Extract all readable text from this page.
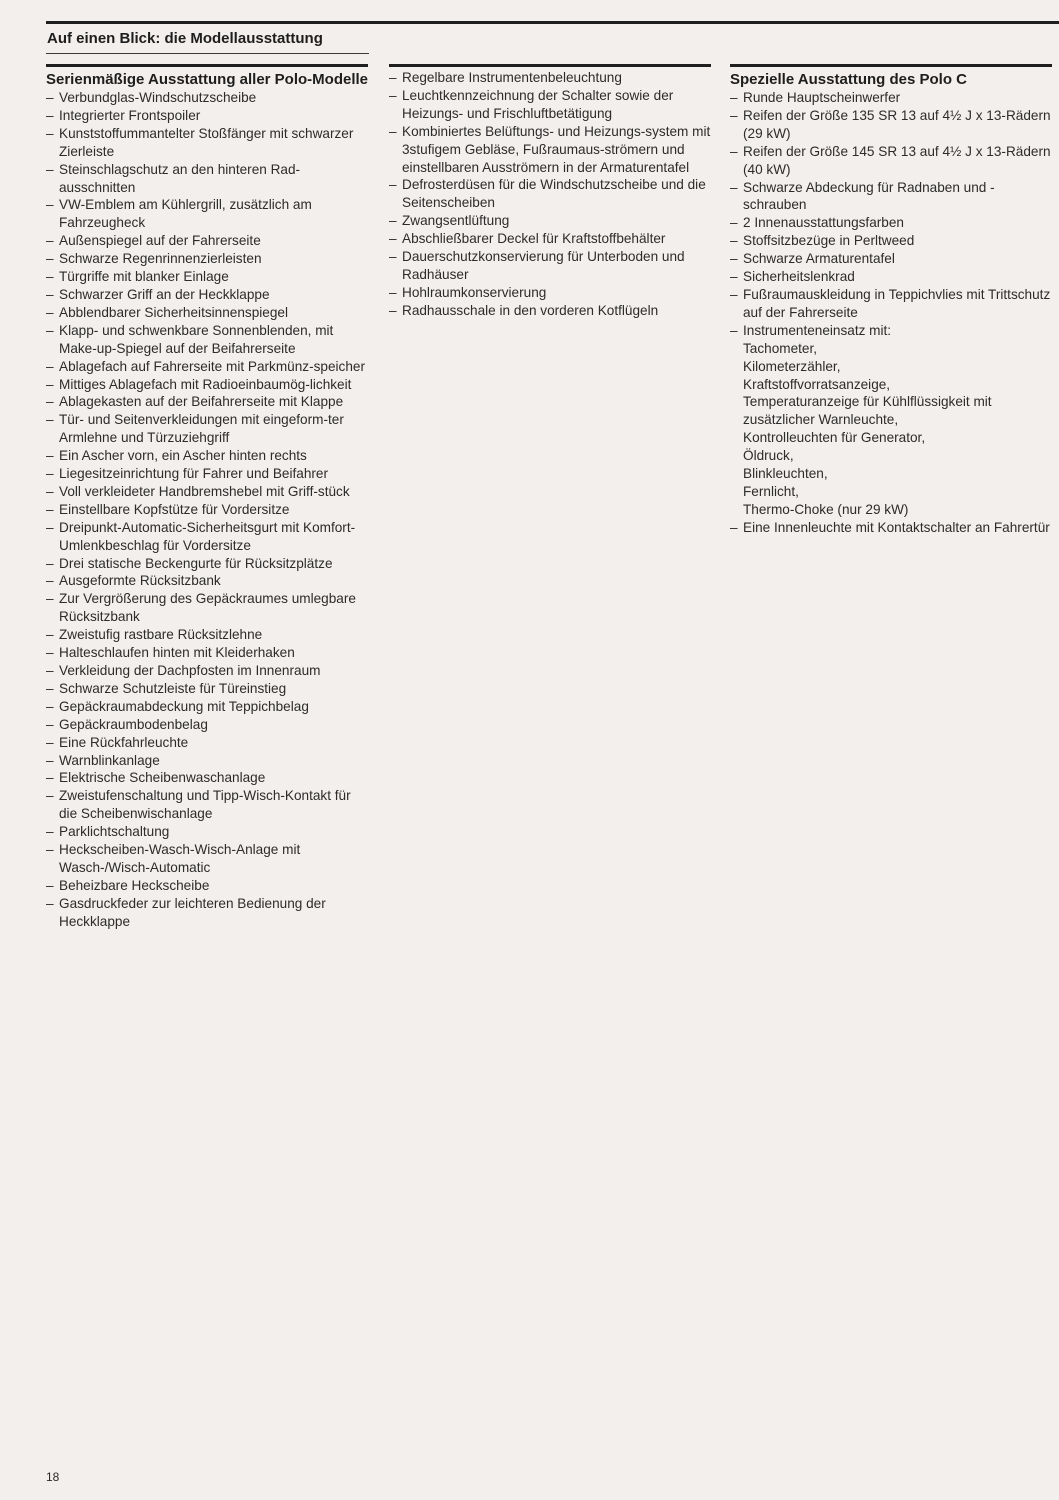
Auf einen Blick: die Modellausstattung
Serienmäßige Ausstattung aller Polo-Modelle
– Verbundglas-Windschutzscheibe
– Integrierter Frontspoiler
– Kunststoffummantelter Stoßfänger mit schwarzer Zierleiste
– Steinschlagschutz an den hinteren Rad-ausschnitten
– VW-Emblem am Kühlergrill, zusätzlich am Fahrzeugheck
– Außenspiegel auf der Fahrerseite
– Schwarze Regenrinnenzierleisten
– Türgriffe mit blanker Einlage
– Schwarzer Griff an der Heckklappe
– Abblendbarer Sicherheitsinnenspiegel
– Klapp- und schwenkbare Sonnenblenden, mit Make-up-Spiegel auf der Beifahrerseite
– Ablagefach auf Fahrerseite mit Parkmünz-speicher
– Mittiges Ablagefach mit Radioeinbaumög-lichkeit
– Ablagekasten auf der Beifahrerseite mit Klappe
– Tür- und Seitenverkleidungen mit eingeform-ter Armlehne und Türzuziehgriff
– Ein Ascher vorn, ein Ascher hinten rechts
– Liegesitzeinrichtung für Fahrer und Beifahrer
– Voll verkleideter Handbremshebel mit Griff-stück
– Einstellbare Kopfstütze für Vordersitze
– Dreipunkt-Automatic-Sicherheitsgurt mit Komfort-Umlenkbeschlag für Vordersitze
– Drei statische Beckengurte für Rücksitzplätze
– Ausgeformte Rücksitzbank
– Zur Vergrößerung des Gepäckraumes umlegbare Rücksitzbank
– Zweistufig rastbare Rücksitzlehne
– Halteschlaufen hinten mit Kleiderhaken
– Verkleidung der Dachpfosten im Innenraum
– Schwarze Schutzleiste für Türeinstieg
– Gepäckraumabdeckung mit Teppichbelag
– Gepäckraumbodenbelag
– Eine Rückfahrleuchte
– Warnblinkanlage
– Elektrische Scheibenwaschanlage
– Zweistufenschaltung und Tipp-Wisch-Kontakt für die Scheibenwischanlage
– Parklichtschaltung
– Heckscheiben-Wasch-Wisch-Anlage mit Wasch-/Wisch-Automatic
– Beheizbare Heckscheibe
– Gasdruckfeder zur leichteren Bedienung der Heckklappe
– Regelbare Instrumentenbeleuchtung
– Leuchtkennzeichnung der Schalter sowie der Heizungs- und Frischluftbetätigung
– Kombiniertes Belüftungs- und Heizungs-system mit 3stufigem Gebläse, Fußraumaus-strömern und einstellbaren Ausströmern in der Armaturentafel
– Defrosterdüsen für die Windschutzscheibe und die Seitenscheiben
– Zwangsentlüftung
– Abschließbarer Deckel für Kraftstoffbehälter
– Dauerschutzkonservierung für Unterboden und Radhäuser
– Hohlraumkonservierung
– Radhausschale in den vorderen Kotflügeln
Spezielle Ausstattung des Polo C
– Runde Hauptscheinwerfer
– Reifen der Größe 135 SR 13 auf 4½ J x 13-Rädern (29 kW)
– Reifen der Größe 145 SR 13 auf 4½ J x 13-Rädern (40 kW)
– Schwarze Abdeckung für Radnaben und -schrauben
– 2 Innenausstattungsfarben
– Stoffsitzbezüge in Perltweed
– Schwarze Armaturentafel
– Sicherheitslenkrad
– Fußraumauskleidung in Teppichvlies mit Trittschutz auf der Fahrerseite
– Instrumenteneinsatz mit:
Tachometer,
Kilometerzähler,
Kraftstoffvorratsanzeige,
Temperaturanzeige für Kühlflüssigkeit mit zusätzlicher Warnleuchte,
Kontrolleuchten für Generator,
Öldruck,
Blinkleuchten,
Fernlicht,
Thermo-Choke (nur 29 kW)
– Eine Innenleuchte mit Kontaktschalter an Fahrertür
18
